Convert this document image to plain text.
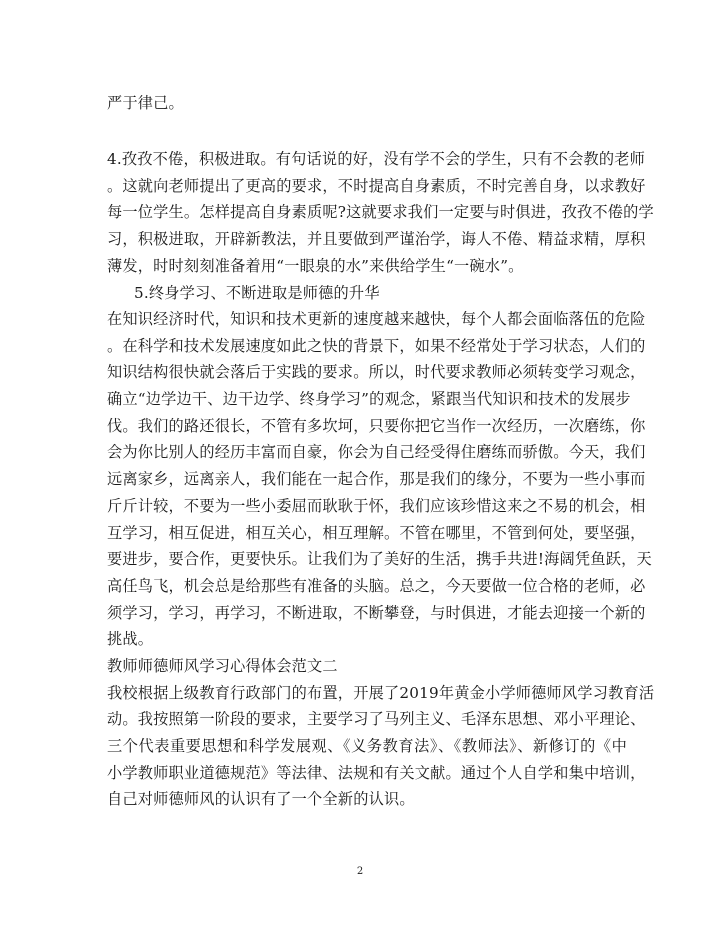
严于律己。
4.孜孜不倦，积极进取。有句话说的好，没有学不会的学生，只有不会教的老师
。这就向老师提出了更高的要求，不时提高自身素质，不时完善自身，以求教好
每一位学生。怎样提高自身素质呢?这就要求我们一定要与时俱进，孜孜不倦的学
习，积极进取，开辟新教法，并且要做到严谨治学，诲人不倦、精益求精，厚积
薄发，时时刻刻准备着用“一眼泉的水”来供给学生“一碗水”。
5.终身学习、不断进取是师德的升华
在知识经济时代，知识和技术更新的速度越来越快，每个人都会面临落伍的危险
。在科学和技术发展速度如此之快的背景下，如果不经常处于学习状态，人们的
知识结构很快就会落后于实践的要求。所以，时代要求教师必须转变学习观念，
确立“边学边干、边干边学、终身学习”的观念，紧跟当代知识和技术的发展步
伐。我们的路还很长，不管有多坎坷，只要你把它当作一次经历，一次磨练，你
会为你比别人的经历丰富而自豪，你会为自己经受得住磨练而骄傲。今天，我们
远离家乡，远离亲人，我们能在一起合作，那是我们的缘分，不要为一些小事而
斤斤计较，不要为一些小委屈而耿耿于怀，我们应该珍惜这来之不易的机会，相
互学习，相互促进，相互关心，相互理解。不管在哪里，不管到何处，要坚强，
要进步，要合作，更要快乐。让我们为了美好的生活，携手共进!海阔凭鱼跃，天
高任鸟飞，机会总是给那些有准备的头脑。总之，今天要做一位合格的老师，必
须学习，学习，再学习，不断进取，不断攀登，与时俱进，才能去迎接一个新的
挑战。
教师师德师风学习心得体会范文二
我校根据上级教育行政部门的布置，开展了2019年黄金小学师德师风学习教育活
动。我按照第一阶段的要求，主要学习了马列主义、毛泽东思想、邓小平理论、
三个代表重要思想和科学发展观、《义务教育法》、《教师法》、新修订的《中
小学教师职业道德规范》等法律、法规和有关文献。通过个人自学和集中培训，
自己对师德师风的认识有了一个全新的认识。
2
